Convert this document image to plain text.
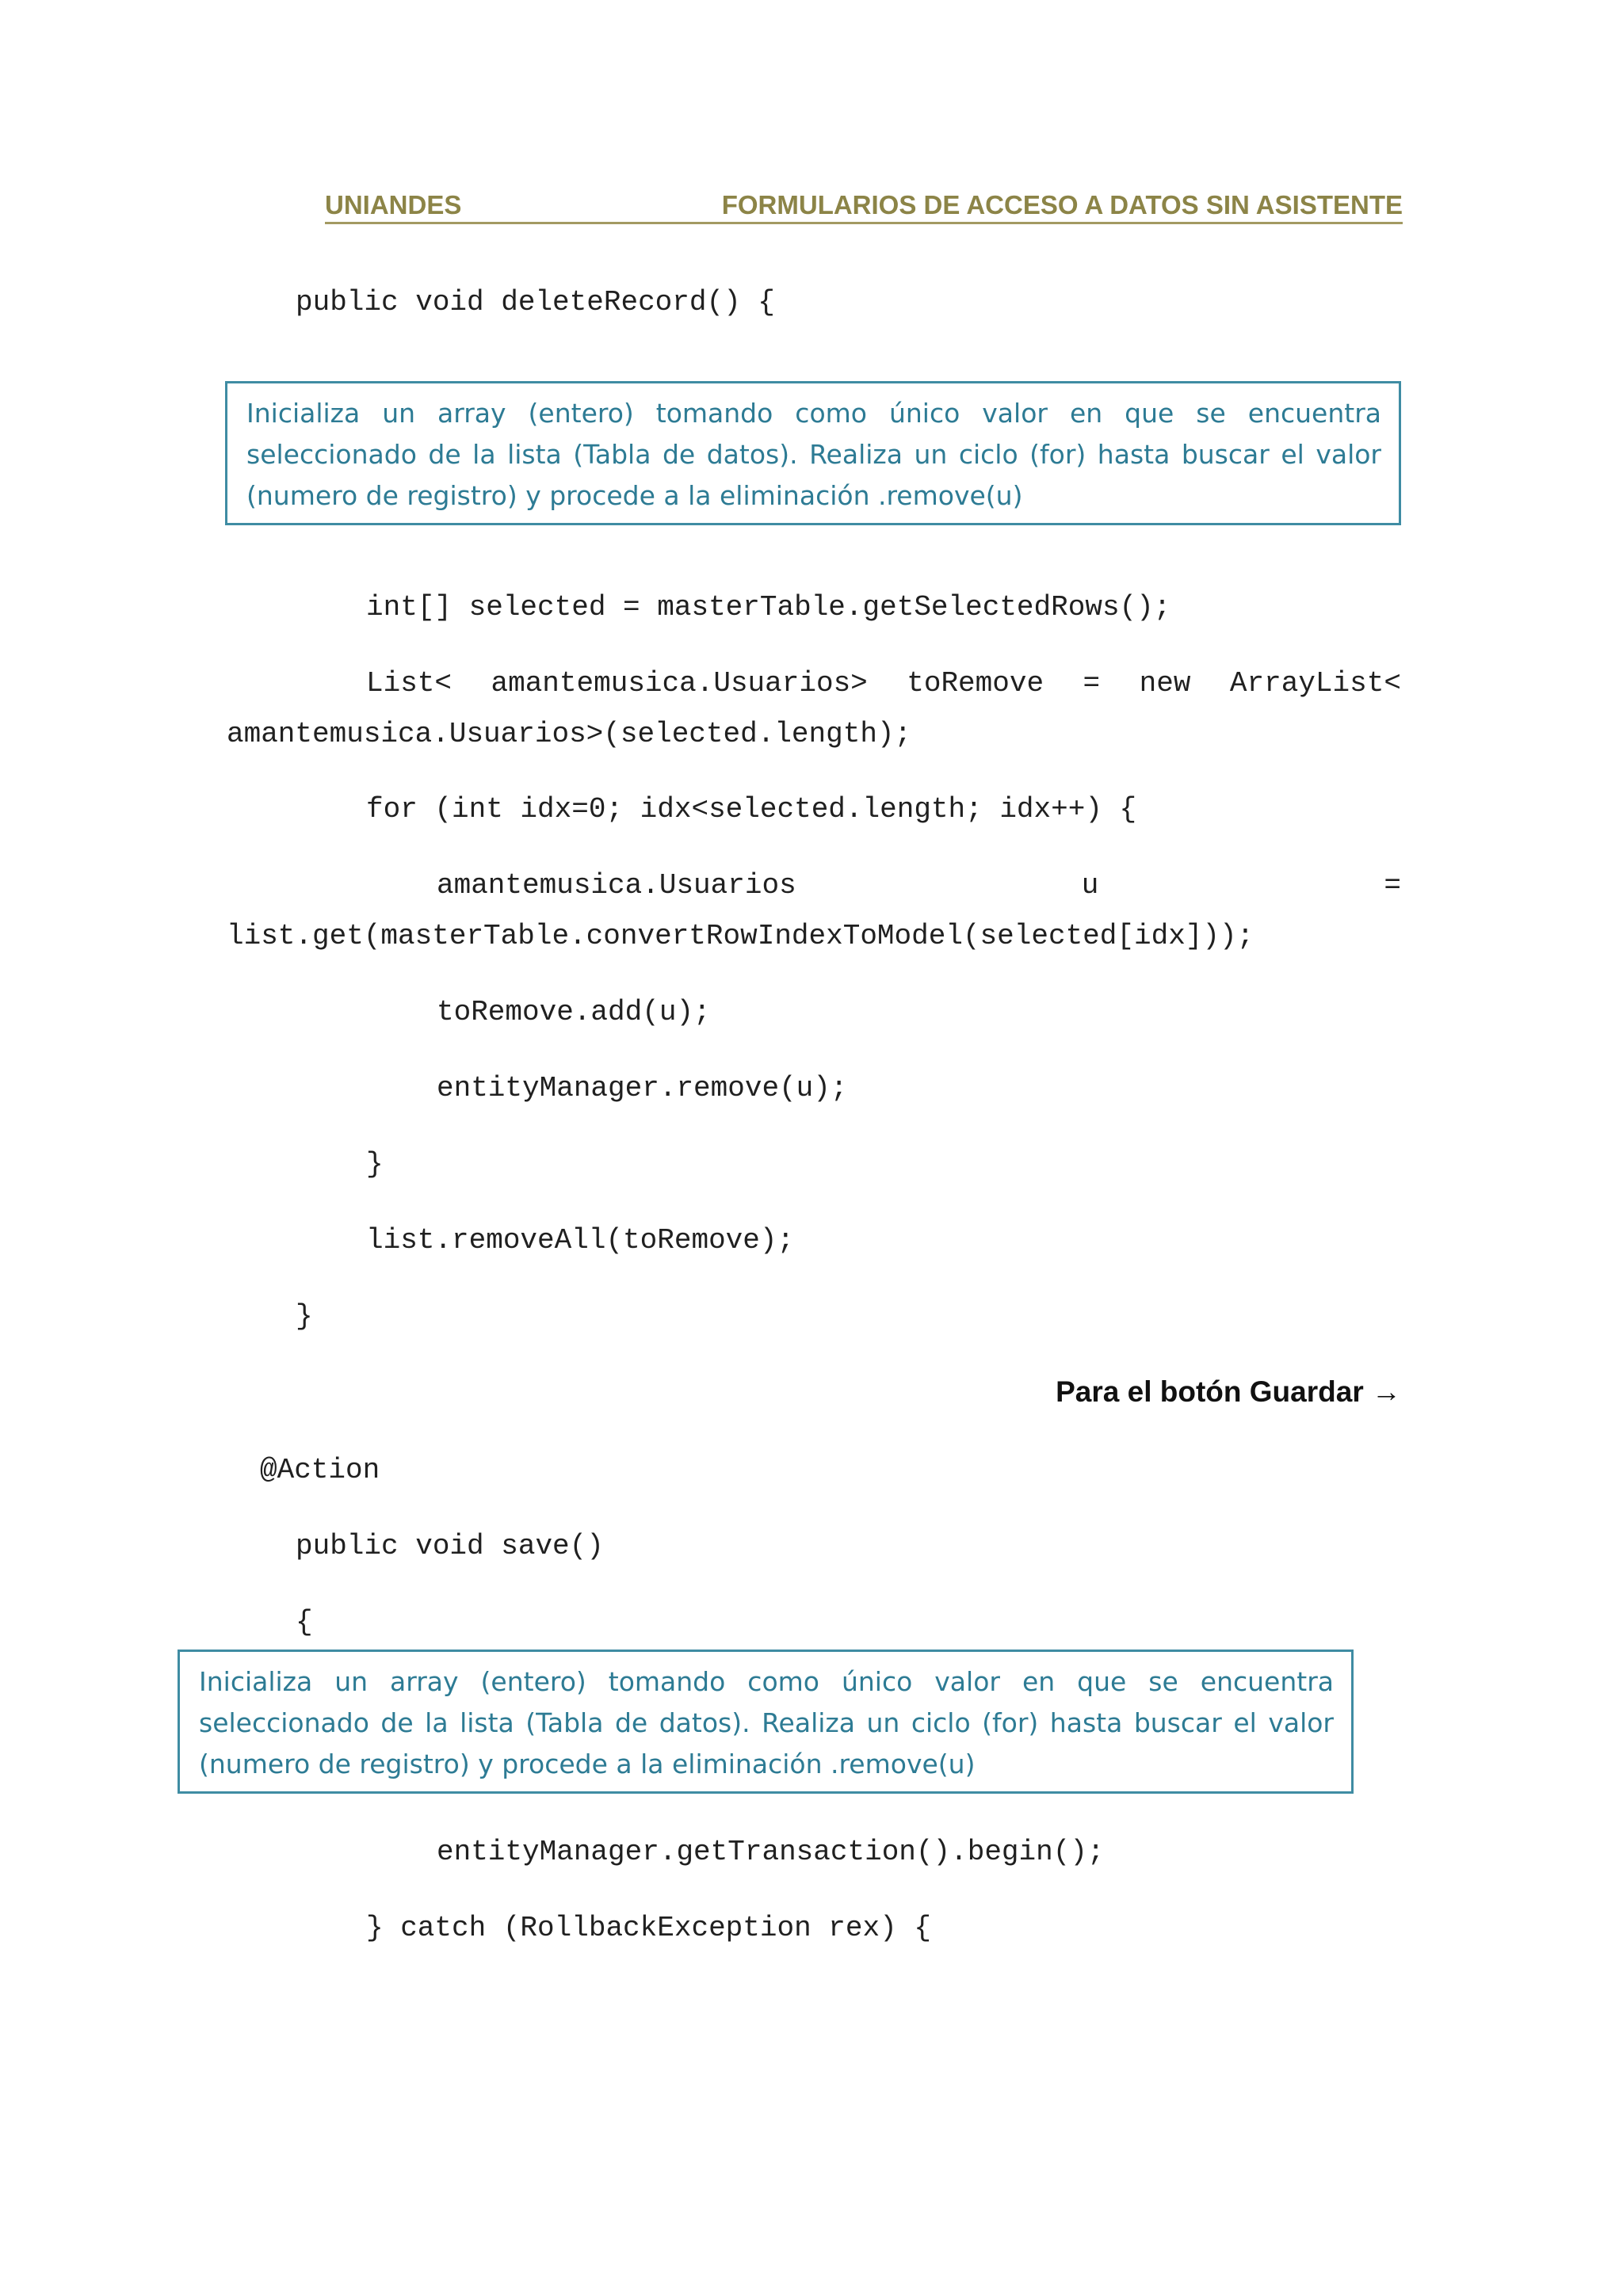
UNIANDES	FORMULARIOS DE ACCESO A DATOS SIN ASISTENTE
public void deleteRecord() {
Inicializa un array (entero) tomando como único valor en que se encuentra seleccionado de la lista (Tabla de datos). Realiza un ciclo (for) hasta buscar el valor (numero de registro) y procede a la eliminación .remove(u)
int[] selected = masterTable.getSelectedRows();
List< amantemusica.Usuarios> toRemove = new ArrayList<
amantemusica.Usuarios>(selected.length);
for (int idx=0; idx<selected.length; idx++) {
amantemusica.Usuarios	u	=
list.get(masterTable.convertRowIndexToModel(selected[idx]));
toRemove.add(u);
entityManager.remove(u);
}
list.removeAll(toRemove);
}
Para el botón Guardar →
@Action
public void save()
{
Inicializa un array (entero) tomando como único valor en que se encuentra seleccionado de la lista (Tabla de datos). Realiza un ciclo (for) hasta buscar el valor (numero de registro) y procede a la eliminación .remove(u)
entityManager.getTransaction().begin();
} catch (RollbackException rex) {
